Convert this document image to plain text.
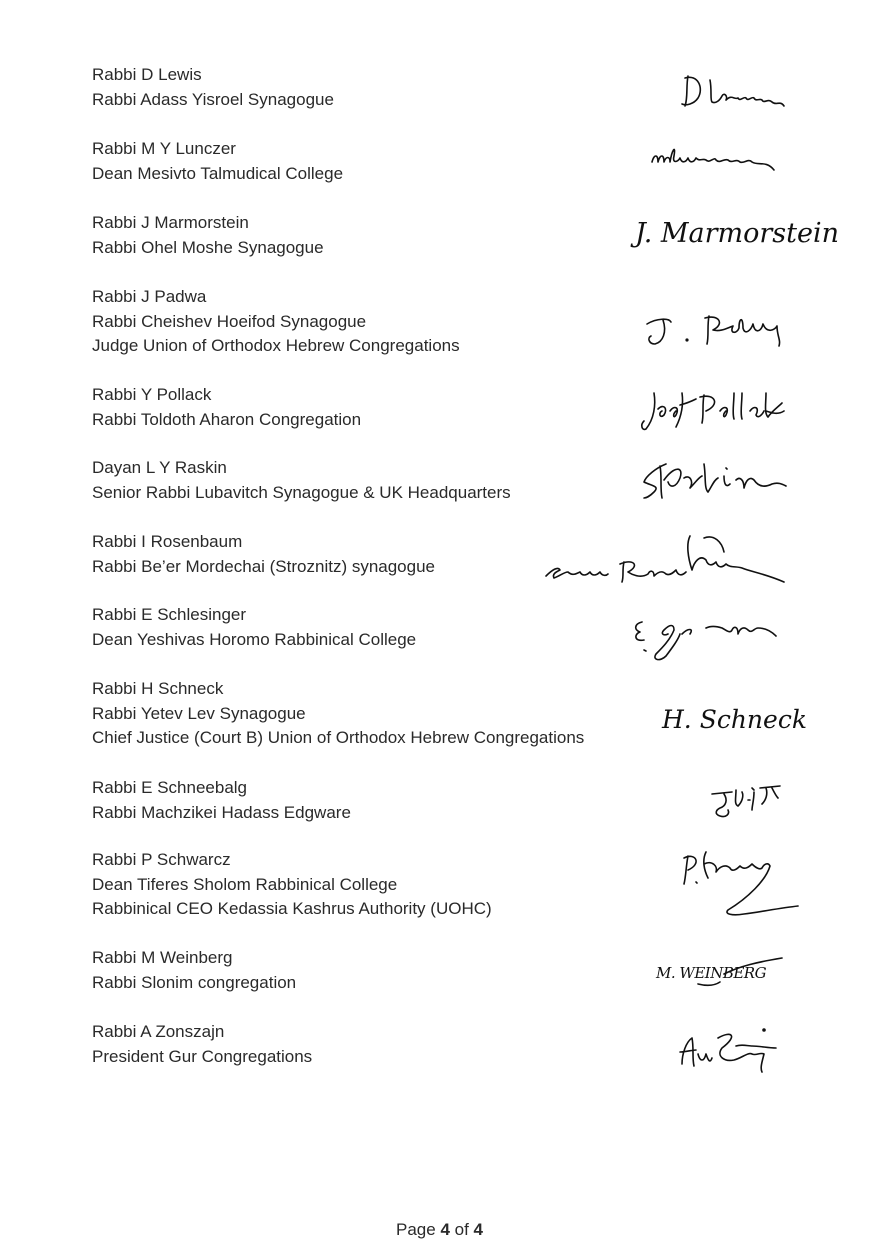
Rabbi D Lewis
Rabbi Adass Yisroel Synagogue
Rabbi M Y Lunczer
Dean Mesivto Talmudical College
Rabbi J Marmorstein
Rabbi Ohel Moshe Synagogue	J. Marmorstein
Rabbi J Padwa
Rabbi Cheishev Hoeifod Synagogue
Judge Union of Orthodox Hebrew Congregations
Rabbi Y Pollack
Rabbi Toldoth Aharon Congregation
Dayan L Y Raskin
Senior Rabbi Lubavitch Synagogue & UK Headquarters
Rabbi I Rosenbaum
Rabbi Be’er Mordechai (Stroznitz) synagogue
Rabbi E Schlesinger
Dean Yeshivas Horomo Rabbinical College
Rabbi H Schneck
Rabbi Yetev Lev Synagogue
Chief Justice (Court B) Union of Orthodox Hebrew Congregations
H. Schneck
Rabbi E Schneebalg
Rabbi Machzikei Hadass Edgware
Rabbi P Schwarcz
Dean Tiferes Sholom Rabbinical College
Rabbinical CEO Kedassia Kashrus Authority (UOHC)
Rabbi M Weinberg
Rabbi Slonim congregation	M. WEINBERG
Rabbi A Zonszajn
President Gur Congregations
Page 4 of 4
